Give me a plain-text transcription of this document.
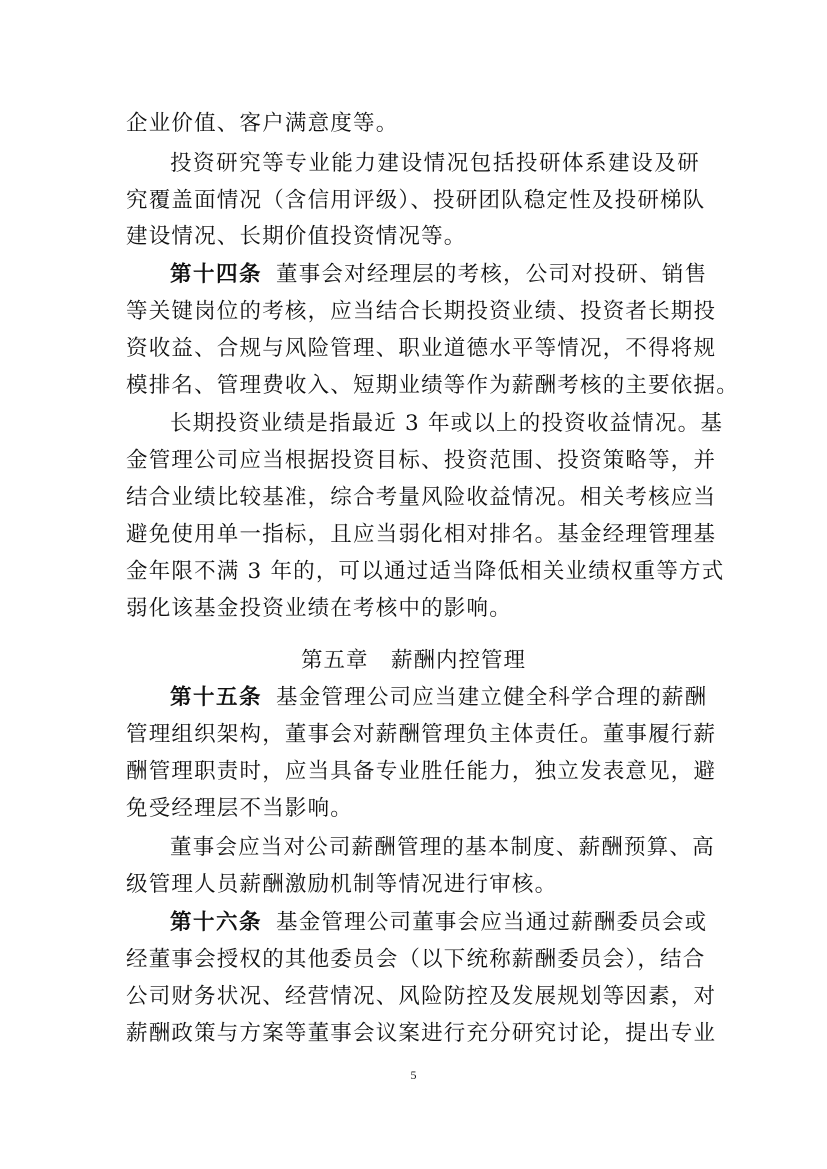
企业价值、客户满意度等。
投资研究等专业能力建设情况包括投研体系建设及研
究覆盖面情况（含信用评级）、投研团队稳定性及投研梯队
建设情况、长期价值投资情况等。
第十四条 董事会对经理层的考核，公司对投研、销售
等关键岗位的考核，应当结合长期投资业绩、投资者长期投
资收益、合规与风险管理、职业道德水平等情况，不得将规
模排名、管理费收入、短期业绩等作为薪酬考核的主要依据。
长期投资业绩是指最近 3 年或以上的投资收益情况。基
金管理公司应当根据投资目标、投资范围、投资策略等，并
结合业绩比较基准，综合考量风险收益情况。相关考核应当
避免使用单一指标，且应当弱化相对排名。基金经理管理基
金年限不满 3 年的，可以通过适当降低相关业绩权重等方式
弱化该基金投资业绩在考核中的影响。
第五章　薪酬内控管理
第十五条 基金管理公司应当建立健全科学合理的薪酬
管理组织架构，董事会对薪酬管理负主体责任。董事履行薪
酬管理职责时，应当具备专业胜任能力，独立发表意见，避
免受经理层不当影响。
董事会应当对公司薪酬管理的基本制度、薪酬预算、高
级管理人员薪酬激励机制等情况进行审核。
第十六条 基金管理公司董事会应当通过薪酬委员会或
经董事会授权的其他委员会（以下统称薪酬委员会），结合
公司财务状况、经营情况、风险防控及发展规划等因素，对
薪酬政策与方案等董事会议案进行充分研究讨论，提出专业
5
